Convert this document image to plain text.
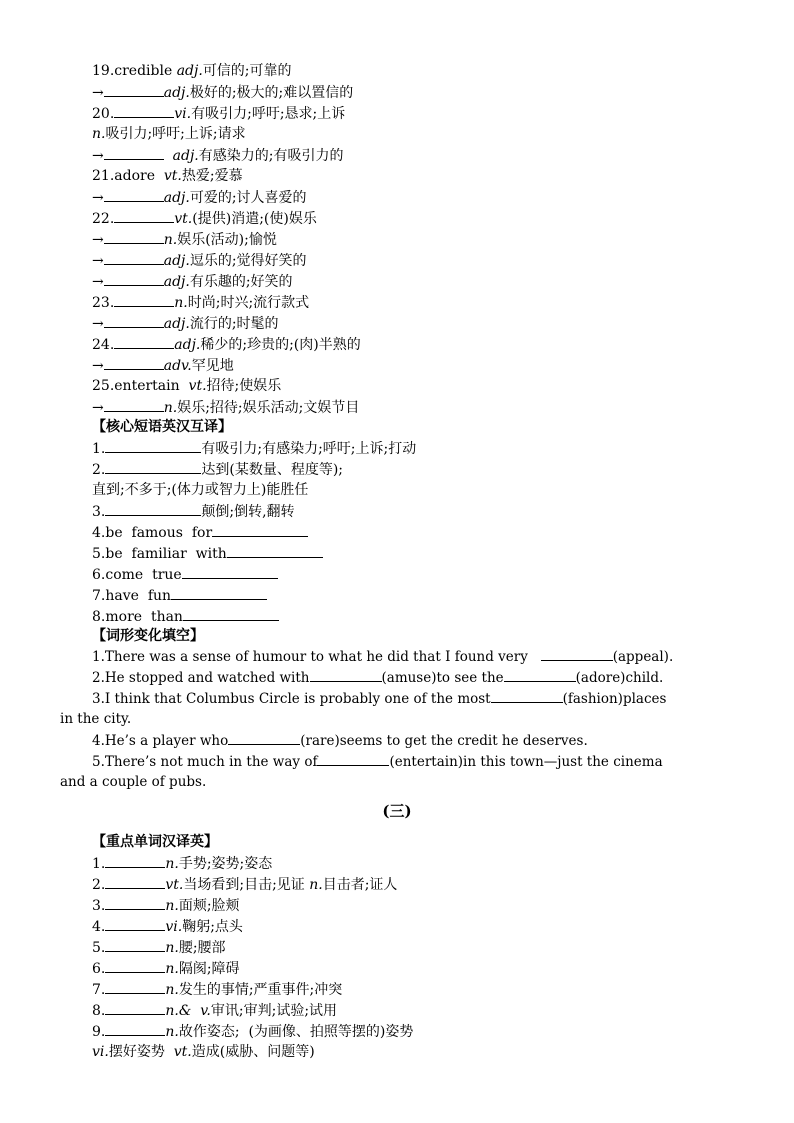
19.credible adj.可信的;可靠的
→	adj.极好的;极大的;难以置信的
20.	vi.有吸引力;呼吁;恳求;上诉
n.吸引力;呼吁;上诉;请求
→	adj.有感染力的;有吸引力的
21.adore vt.热爱;爱慕
→	adj.可爱的;讨人喜爱的
22.	vt.(提供)消遣;(使)娱乐
→	n.娱乐(活动);愉悦
→	adj.逗乐的;觉得好笑的
→	adj.有乐趣的;好笑的
23.	n.时尚;时兴;流行款式
→	adj.流行的;时髦的
24.	adj.稀少的;珍贵的;(肉)半熟的
→	adv.罕见地
25.entertain vt.招待;使娱乐
→	n.娱乐;招待;娱乐活动;文娱节目
【核心短语英汉互译】
1.	有吸引力;有感染力;呼吁;上诉;打动
2.	达到(某数量、程度等);
直到;不多于;(体力或智力上)能胜任
3.	颠倒;倒转,翻转
4.be  famous  for
5.be  familiar  with
6.come  true
7.have  fun
8.more  than
【词形变化填空】
1.There was a sense of humour to what he did that I found very	(appeal).
2.He stopped and watched with	(amuse)to see the	(adore)child.
3.I think that Columbus Circle is probably one of the most	(fashion)places
in the city.
4.He’s a player who	(rare)seems to get the credit he deserves.
5.There’s not much in the way of	(entertain)in this town—just the cinema
and a couple of pubs.
(三)
【重点单词汉译英】
1.	n.手势;姿势;姿态
2.	vt.当场看到;目击;见证 n.目击者;证人
3.	n.面颊;脸颊
4.	vi.鞠躬;点头
5.	n.腰;腰部
6.	n.隔阂;障碍
7.	n.发生的事情;严重事件;冲突
8.	n.&  v.审讯;审判;试验;试用
9.	n.故作姿态;  (为画像、拍照等摆的)姿势
vi.摆好姿势 vt.造成(威胁、问题等)
